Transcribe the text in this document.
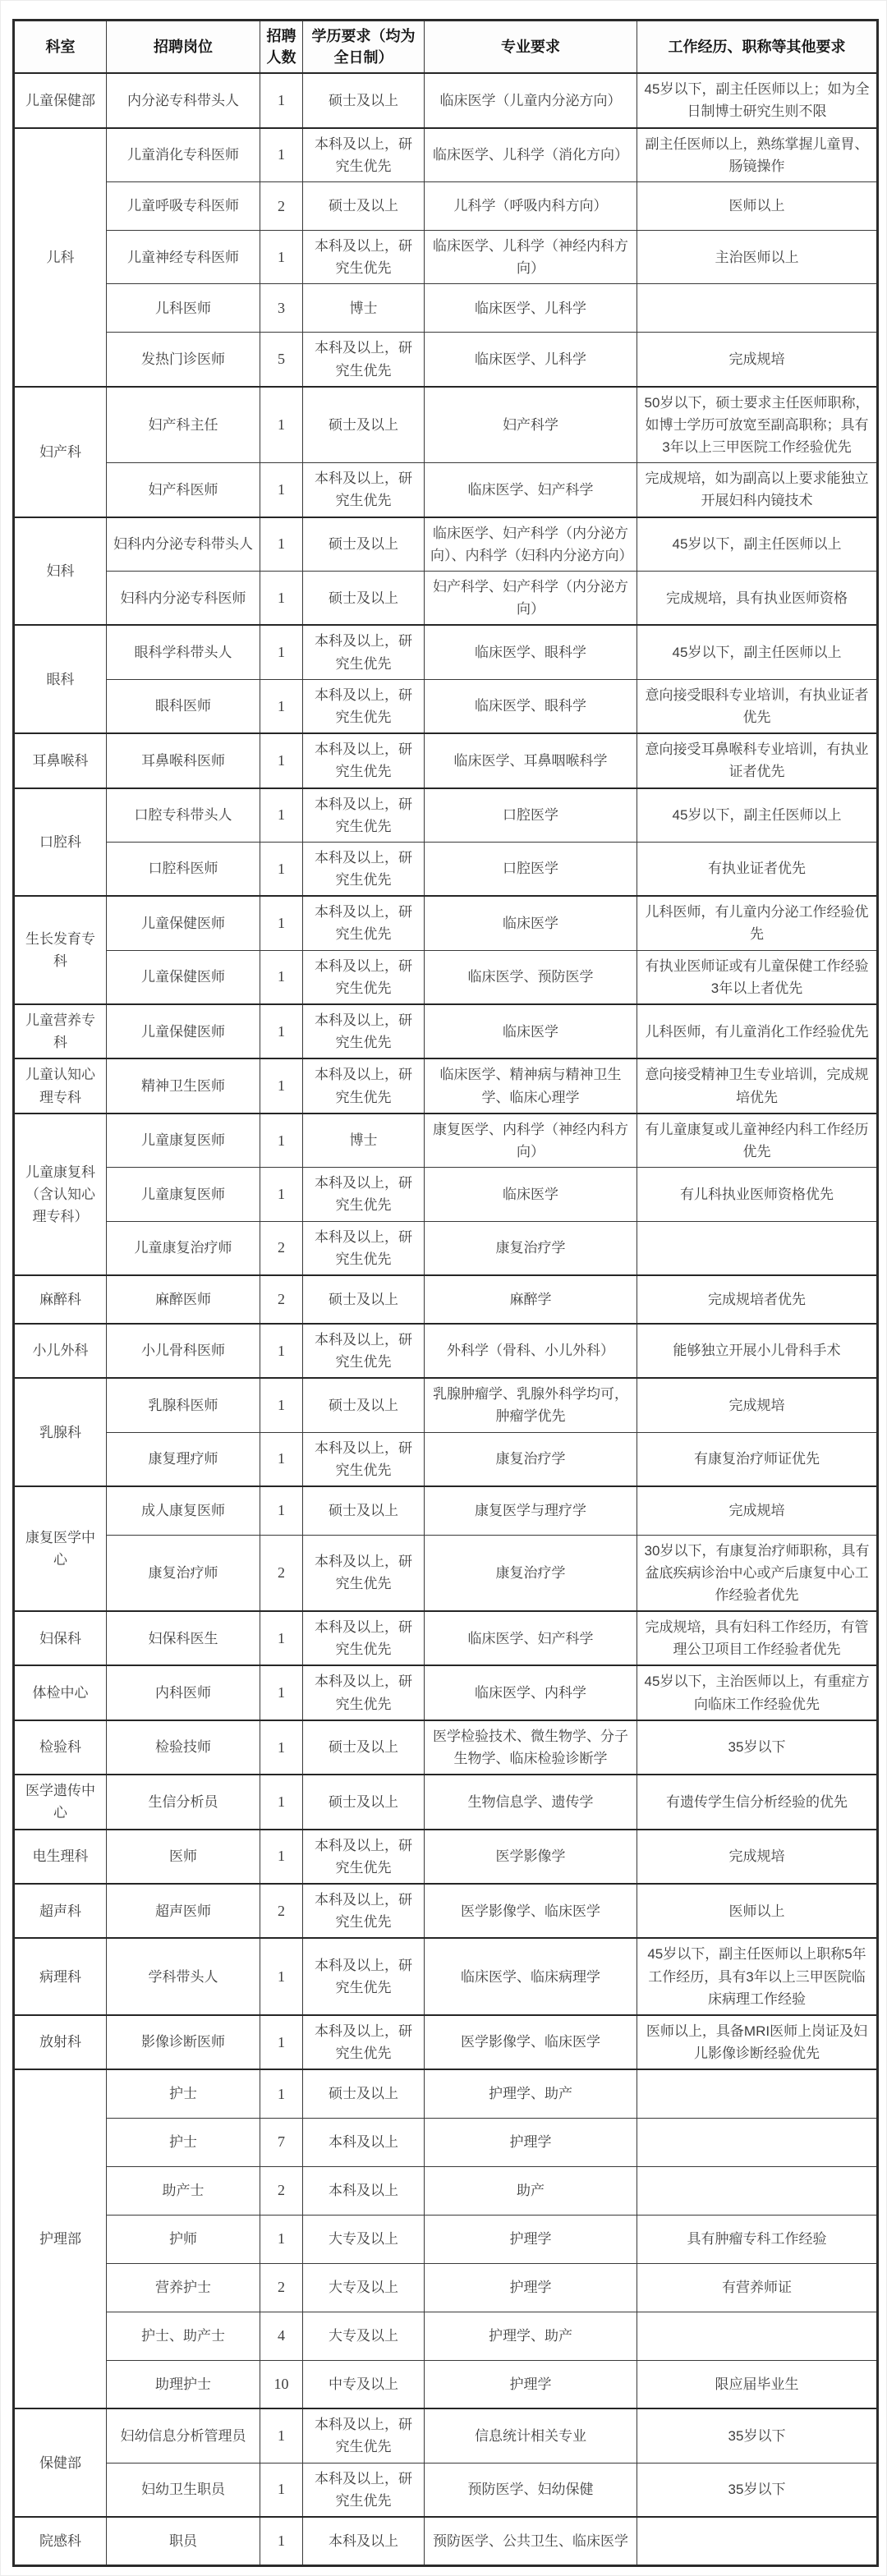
科室	招聘岗位	招聘人数	学历要求（均为全日制）	专业要求	工作经历、职称等其他要求
儿童保健部	内分泌专科带头人	1	硕士及以上	临床医学（儿童内分泌方向）	45岁以下，副主任医师以上；如为全日制博士研究生则不限
儿科	儿童消化专科医师	1	本科及以上，研究生优先	临床医学、儿科学（消化方向）	副主任医师以上，熟练掌握儿童胃、肠镜操作
	儿童呼吸专科医师	2	硕士及以上	儿科学（呼吸内科方向）	医师以上
	儿童神经专科医师	1	本科及以上，研究生优先	临床医学、儿科学（神经内科方向）	主治医师以上
	儿科医师	3	博士	临床医学、儿科学	
	发热门诊医师	5	本科及以上，研究生优先	临床医学、儿科学	完成规培
妇产科	妇产科主任	1	硕士及以上	妇产科学	50岁以下，硕士要求主任医师职称，如博士学历可放宽至副高职称；具有3年以上三甲医院工作经验优先
	妇产科医师	1	本科及以上，研究生优先	临床医学、妇产科学	完成规培，如为副高以上要求能独立开展妇科内镜技术
妇科	妇科内分泌专科带头人	1	硕士及以上	临床医学、妇产科学（内分泌方向）、内科学（妇科内分泌方向）	45岁以下，副主任医师以上
	妇科内分泌专科医师	1	硕士及以上	妇产科学、妇产科学（内分泌方向）	完成规培，具有执业医师资格
眼科	眼科学科带头人	1	本科及以上，研究生优先	临床医学、眼科学	45岁以下，副主任医师以上
	眼科医师	1	本科及以上，研究生优先	临床医学、眼科学	意向接受眼科专业培训，有执业证者优先
耳鼻喉科	耳鼻喉科医师	1	本科及以上，研究生优先	临床医学、耳鼻咽喉科学	意向接受耳鼻喉科专业培训，有执业证者优先
口腔科	口腔专科带头人	1	本科及以上，研究生优先	口腔医学	45岁以下，副主任医师以上
	口腔科医师	1	本科及以上，研究生优先	口腔医学	有执业证者优先
生长发育专科	儿童保健医师	1	本科及以上，研究生优先	临床医学	儿科医师，有儿童内分泌工作经验优先
	儿童保健医师	1	本科及以上，研究生优先	临床医学、预防医学	有执业医师证或有儿童保健工作经验3年以上者优先
儿童营养专科	儿童保健医师	1	本科及以上，研究生优先	临床医学	儿科医师，有儿童消化工作经验优先
儿童认知心理专科	精神卫生医师	1	本科及以上，研究生优先	临床医学、精神病与精神卫生学、临床心理学	意向接受精神卫生专业培训，完成规培优先
儿童康复科（含认知心理专科）	儿童康复医师	1	博士	康复医学、内科学（神经内科方向）	有儿童康复或儿童神经内科工作经历优先
	儿童康复医师	1	本科及以上，研究生优先	临床医学	有儿科执业医师资格优先
	儿童康复治疗师	2	本科及以上，研究生优先	康复治疗学	
麻醉科	麻醉医师	2	硕士及以上	麻醉学	完成规培者优先
小儿外科	小儿骨科医师	1	本科及以上，研究生优先	外科学（骨科、小儿外科）	能够独立开展小儿骨科手术
乳腺科	乳腺科医师	1	硕士及以上	乳腺肿瘤学、乳腺外科学均可，肿瘤学优先	完成规培
	康复理疗师	1	本科及以上，研究生优先	康复治疗学	有康复治疗师证优先
康复医学中心	成人康复医师	1	硕士及以上	康复医学与理疗学	完成规培
	康复治疗师	2	本科及以上，研究生优先	康复治疗学	30岁以下，有康复治疗师职称，具有盆底疾病诊治中心或产后康复中心工作经验者优先
妇保科	妇保科医生	1	本科及以上，研究生优先	临床医学、妇产科学	完成规培，具有妇科工作经历，有管理公卫项目工作经验者优先
体检中心	内科医师	1	本科及以上，研究生优先	临床医学、内科学	45岁以下，主治医师以上，有重症方向临床工作经验优先
检验科	检验技师	1	硕士及以上	医学检验技术、微生物学、分子生物学、临床检验诊断学	35岁以下
医学遗传中心	生信分析员	1	硕士及以上	生物信息学、遗传学	有遗传学生信分析经验的优先
电生理科	医师	1	本科及以上，研究生优先	医学影像学	完成规培
超声科	超声医师	2	本科及以上，研究生优先	医学影像学、临床医学	医师以上
病理科	学科带头人	1	本科及以上，研究生优先	临床医学、临床病理学	45岁以下，副主任医师以上职称5年工作经历，具有3年以上三甲医院临床病理工作经验
放射科	影像诊断医师	1	本科及以上，研究生优先	医学影像学、临床医学	医师以上，具备MRI医师上岗证及妇儿影像诊断经验优先
护理部	护士	1	硕士及以上	护理学、助产	
	护士	7	本科及以上	护理学	
	助产士	2	本科及以上	助产	
	护师	1	大专及以上	护理学	具有肿瘤专科工作经验
	营养护士	2	大专及以上	护理学	有营养师证
	护士、助产士	4	大专及以上	护理学、助产	
	助理护士	10	中专及以上	护理学	限应届毕业生
保健部	妇幼信息分析管理员	1	本科及以上，研究生优先	信息统计相关专业	35岁以下
	妇幼卫生职员	1	本科及以上，研究生优先	预防医学、妇幼保健	35岁以下
院感科	职员	1	本科及以上	预防医学、公共卫生、临床医学	
